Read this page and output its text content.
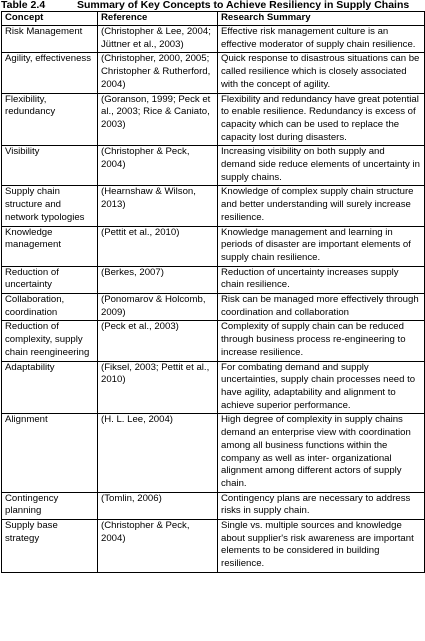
Table 2.4	Summary of Key Concepts to Achieve Resiliency in Supply Chains
Concept	Reference	Research Summary
Risk Management	(Christopher & Lee, 2004; Jüttner et al., 2003)	Effective risk management culture is an effective moderator of supply chain resilience.
Agility, effectiveness	(Christopher, 2000, 2005; Christopher & Rutherford, 2004)	Quick response to disastrous situations can be called resilience which is closely associated with the concept of agility.
Flexibility, redundancy	(Goranson, 1999; Peck et al., 2003; Rice & Caniato, 2003)	Flexibility and redundancy have great potential to enable resilience. Redundancy is excess of capacity which can be used to replace the capacity lost during disasters.
Visibility	(Christopher & Peck, 2004)	Increasing visibility on both supply and demand side reduce elements of uncertainty in supply chains.
Supply chain structure and network typologies	(Hearnshaw & Wilson, 2013)	Knowledge of complex supply chain structure and better understanding will surely increase resilience.
Knowledge management	(Pettit et al., 2010)	Knowledge management and learning in periods of disaster are important elements of supply chain resilience.
Reduction of uncertainty	(Berkes, 2007)	Reduction of uncertainty increases supply chain resilience.
Collaboration, coordination	(Ponomarov & Holcomb, 2009)	Risk can be managed more effectively through coordination and collaboration
Reduction of complexity, supply chain reengineering	(Peck et al., 2003)	Complexity of supply chain can be reduced through business process re-engineering to increase resilience.
Adaptability	(Fiksel, 2003; Pettit et al., 2010)	For combating demand and supply uncertainties, supply chain processes need to have agility, adaptability and alignment to achieve superior performance.
Alignment	(H. L. Lee, 2004)	High degree of complexity in supply chains demand an enterprise view with coordination among all business functions within the company as well as inter- organizational alignment among different actors of supply chain.
Contingency planning	(Tomlin, 2006)	Contingency plans are necessary to address risks in supply chain.
Supply base strategy	(Christopher & Peck, 2004)	Single vs. multiple sources and knowledge about supplier's risk awareness are important elements to be considered in building resilience.
